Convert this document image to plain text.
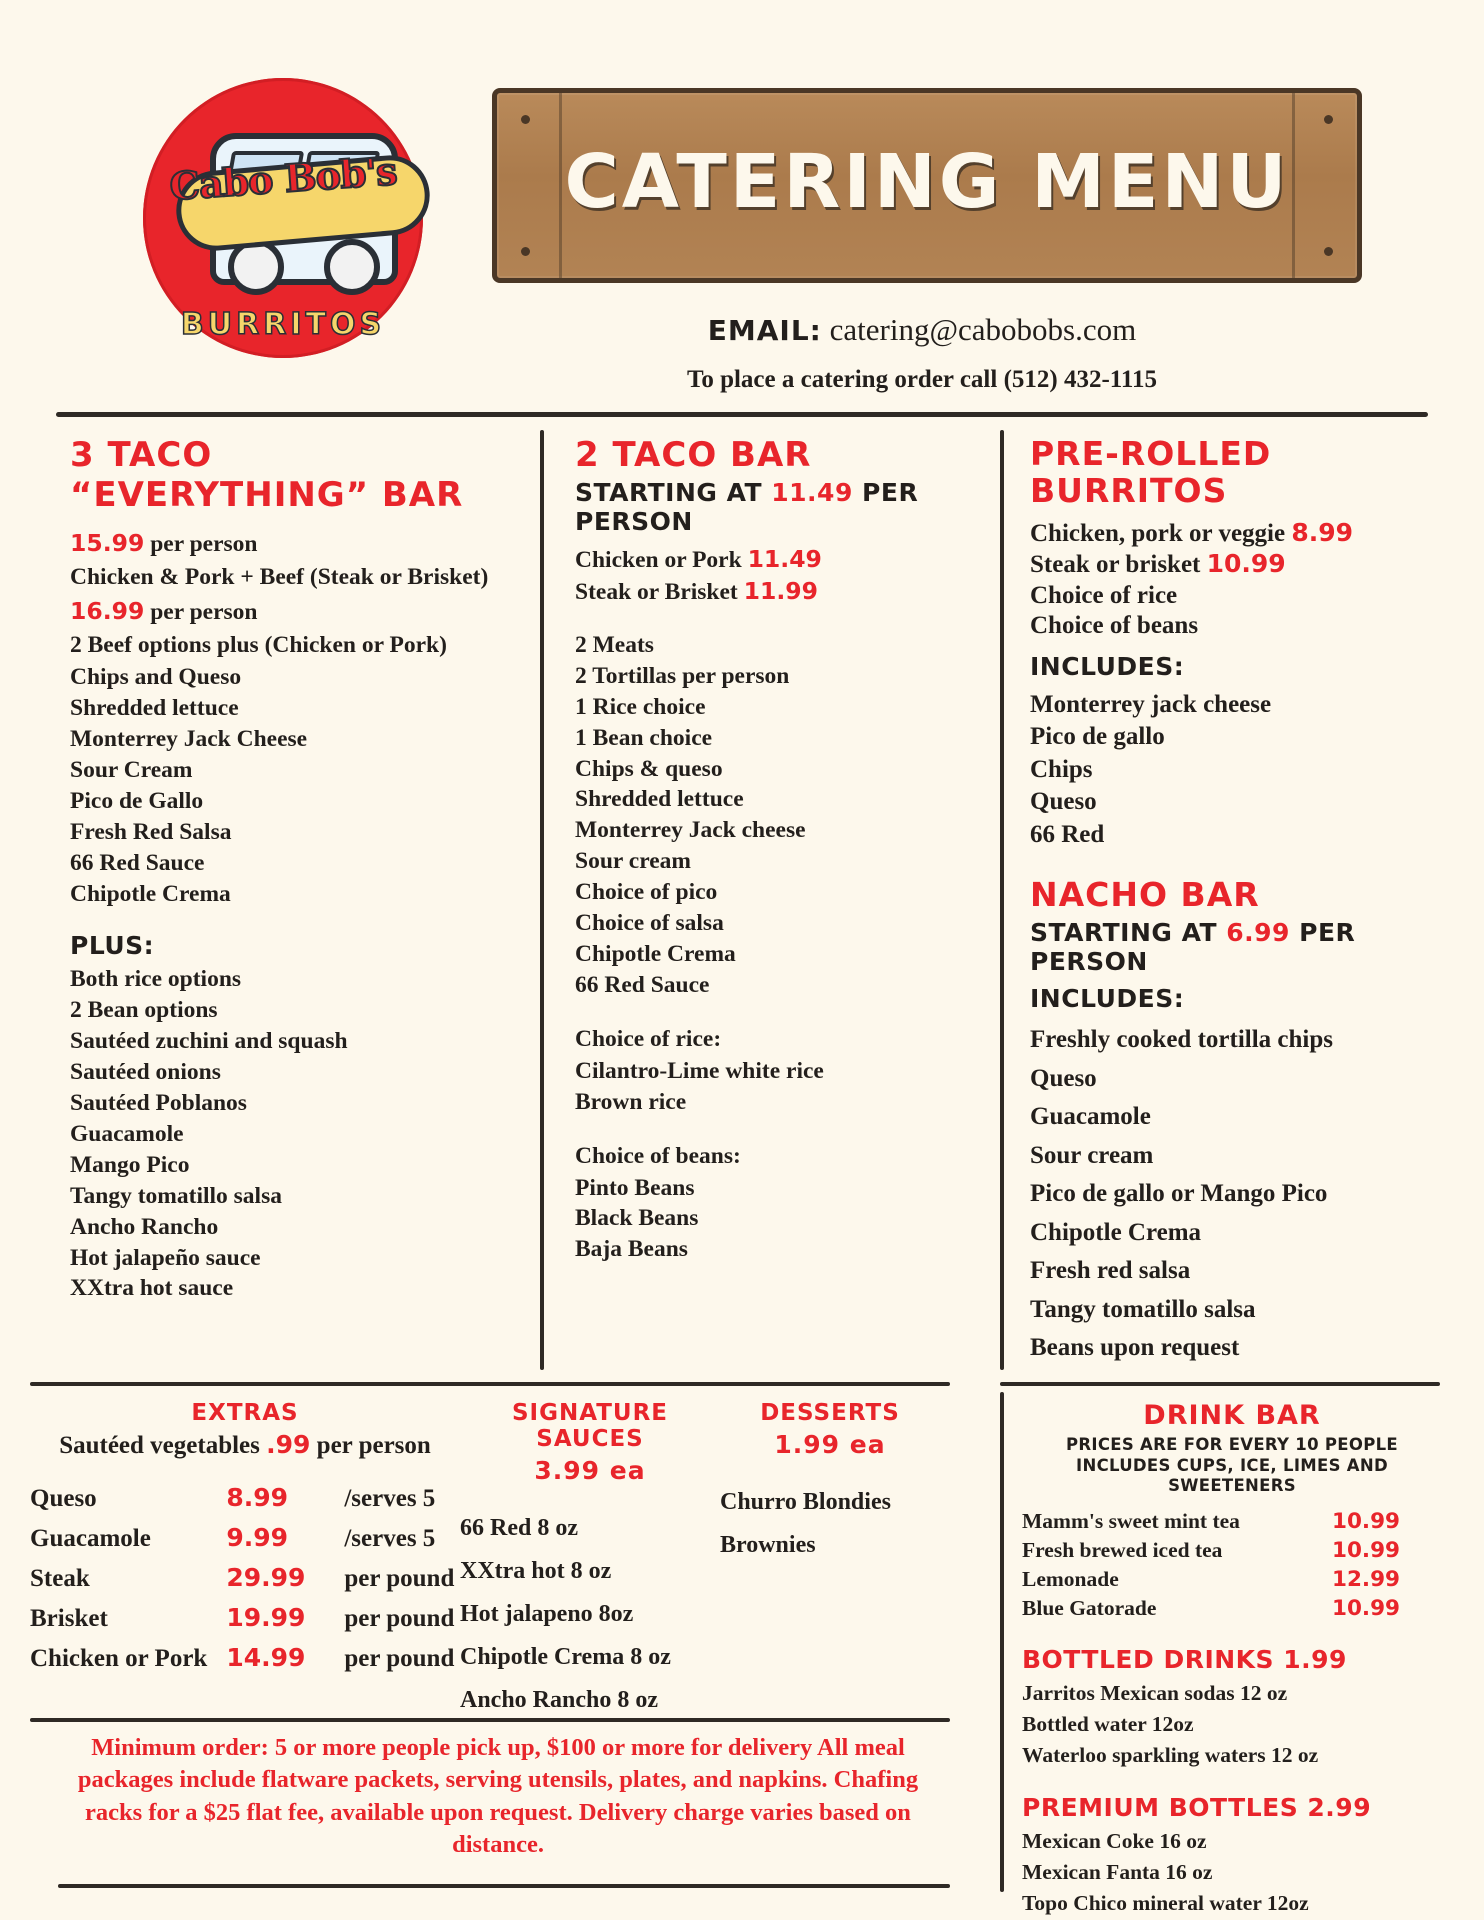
Cabo Bob's
BURRITOS
CATERING MENU
EMAIL: catering@cabobobs.com
To place a catering order call (512) 432-1115
3 TACO
“EVERYTHING” BAR
15.99 per person
Chicken & Pork + Beef (Steak or Brisket)
16.99 per person
2 Beef options plus (Chicken or Pork)
Chips and Queso
Shredded lettuce
Monterrey Jack Cheese
Sour Cream
Pico de Gallo
Fresh Red Salsa
66 Red Sauce
Chipotle Crema
PLUS:
Both rice options
2 Bean options
Sautéed zuchini and squash
Sautéed onions
Sautéed Poblanos
Guacamole
Mango Pico
Tangy tomatillo salsa
Ancho Rancho
Hot jalapeño sauce
XXtra hot sauce
2 TACO BAR
STARTING AT 11.49 PER PERSON
Chicken or Pork 11.49
Steak or Brisket 11.99
2 Meats
2 Tortillas per person
1 Rice choice
1 Bean choice
Chips & queso
Shredded lettuce
Monterrey Jack cheese
Sour cream
Choice of pico
Choice of salsa
Chipotle Crema
66 Red Sauce
Choice of rice:
Cilantro-Lime white rice
Brown rice
Choice of beans:
Pinto Beans
Black Beans
Baja Beans
PRE-ROLLED BURRITOS
Chicken, pork or veggie 8.99
Steak or brisket 10.99
Choice of rice
Choice of beans
INCLUDES:
Monterrey jack cheese
Pico de gallo
Chips
Queso
66 Red
NACHO BAR
STARTING AT 6.99 PER PERSON
INCLUDES:
Freshly cooked tortilla chips
Queso
Guacamole
Sour cream
Pico de gallo or Mango Pico
Chipotle Crema
Fresh red salsa
Tangy tomatillo salsa
Beans upon request
EXTRAS
Sautéed vegetables .99 per person
Queso	8.99	/serves 5
Guacamole	9.99	/serves 5
Steak	29.99	per pound
Brisket	19.99	per pound
Chicken or Pork	14.99	per pound
SIGNATURE SAUCES
3.99 ea
66 Red 8 oz
XXtra hot 8 oz
Hot jalapeno 8oz
Chipotle Crema 8 oz
Ancho Rancho 8 oz
DESSERTS
1.99 ea
Churro Blondies
Brownies
Minimum order: 5 or more people pick up, $100 or more for delivery All meal packages include flatware packets, serving utensils, plates, and napkins. Chafing racks for a $25 flat fee, available upon request. Delivery charge varies based on distance.
DRINK BAR
PRICES ARE FOR EVERY 10 PEOPLE
INCLUDES CUPS, ICE, LIMES AND SWEETENERS
Mamm's sweet mint tea	10.99
Fresh brewed iced tea	10.99
Lemonade	12.99
Blue Gatorade	10.99
BOTTLED DRINKS 1.99
Jarritos Mexican sodas 12 oz
Bottled water 12oz
Waterloo sparkling waters 12 oz
PREMIUM BOTTLES 2.99
Mexican Coke 16 oz
Mexican Fanta 16 oz
Topo Chico mineral water 12oz
